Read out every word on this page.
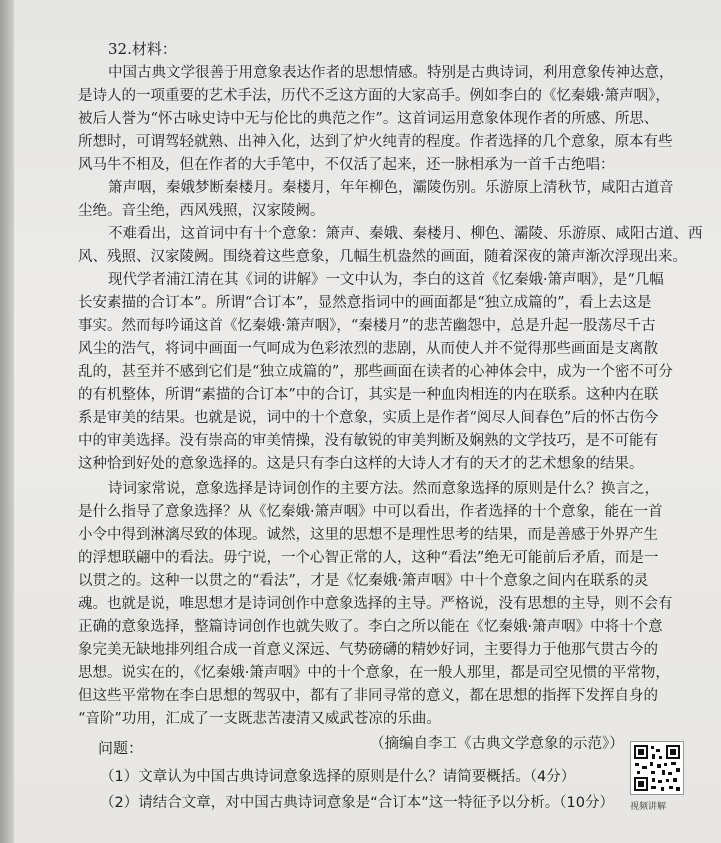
32.材料：
中国古典文学很善于用意象表达作者的思想情感。特别是古典诗词，利用意象传神达意，
是诗人的一项重要的艺术手法，历代不乏这方面的大家高手。例如李白的《忆秦娥·箫声咽》，
被后人誉为“怀古咏史诗中无与伦比的典范之作”。这首词运用意象体现作者的所感、所思、
所想时，可谓驾轻就熟、出神入化，达到了炉火纯青的程度。作者选择的几个意象，原本有些
风马牛不相及，但在作者的大手笔中，不仅活了起来，还一脉相承为一首千古绝唱：
箫声咽，秦娥梦断秦楼月。秦楼月，年年柳色，灞陵伤别。乐游原上清秋节，咸阳古道音
尘绝。音尘绝，西风残照，汉家陵阙。
不难看出，这首词中有十个意象：箫声、秦娥、秦楼月、柳色、灞陵、乐游原、咸阳古道、西
风、残照、汉家陵阙。围绕着这些意象，几幅生机盎然的画面，随着深夜的箫声渐次浮现出来。
现代学者浦江清在其《词的讲解》一文中认为，李白的这首《忆秦娥·箫声咽》，是“几幅
长安素描的合订本”。所谓“合订本”，显然意指词中的画面都是“独立成篇的”，看上去这是
事实。然而每吟诵这首《忆秦娥·箫声咽》，“秦楼月”的悲苦幽怨中，总是升起一股荡尽千古
风尘的浩气，将词中画面一气呵成为色彩浓烈的悲剧，从而使人并不觉得那些画面是支离散
乱的，甚至并不感到它们是“独立成篇的”，那些画面在读者的心神体会中，成为一个密不可分
的有机整体，所谓“素描的合订本”中的合订，其实是一种血肉相连的内在联系。这种内在联
系是审美的结果。也就是说，词中的十个意象，实质上是作者“阅尽人间春色”后的怀古伤今
中的审美选择。没有崇高的审美情操，没有敏锐的审美判断及娴熟的文学技巧，是不可能有
这种恰到好处的意象选择的。这是只有李白这样的大诗人才有的天才的艺术想象的结果。
诗词家常说，意象选择是诗词创作的主要方法。然而意象选择的原则是什么？换言之，
是什么指导了意象选择？从《忆秦娥·箫声咽》中可以看出，作者选择的十个意象，能在一首
小令中得到淋漓尽致的体现。诚然，这里的思想不是理性思考的结果，而是善感于外界产生
的浮想联翩中的看法。毋宁说，一个心智正常的人，这种“看法”绝无可能前后矛盾，而是一
以贯之的。这种一以贯之的“看法”，才是《忆秦娥·箫声咽》中十个意象之间内在联系的灵
魂。也就是说，唯思想才是诗词创作中意象选择的主导。严格说，没有思想的主导，则不会有
正确的意象选择，整篇诗词创作也就失败了。李白之所以能在《忆秦娥·箫声咽》中将十个意
象完美无缺地排列组合成一首意义深远、气势磅礴的精妙好词，主要得力于他那气贯古今的
思想。说实在的，《忆秦娥·箫声咽》中的十个意象，在一般人那里，都是司空见惯的平常物，
但这些平常物在李白思想的驾驭中，都有了非同寻常的意义，都在思想的指挥下发挥自身的
“音阶”功用，汇成了一支既悲苦凄清又威武苍凉的乐曲。
（摘编自李工《古典文学意象的示范》）
问题：
（1）文章认为中国古典诗词意象选择的原则是什么？请简要概括。（4分）
（2）请结合文章，对中国古典诗词意象是“合订本”这一特征予以分析。（10分） 视频讲解
